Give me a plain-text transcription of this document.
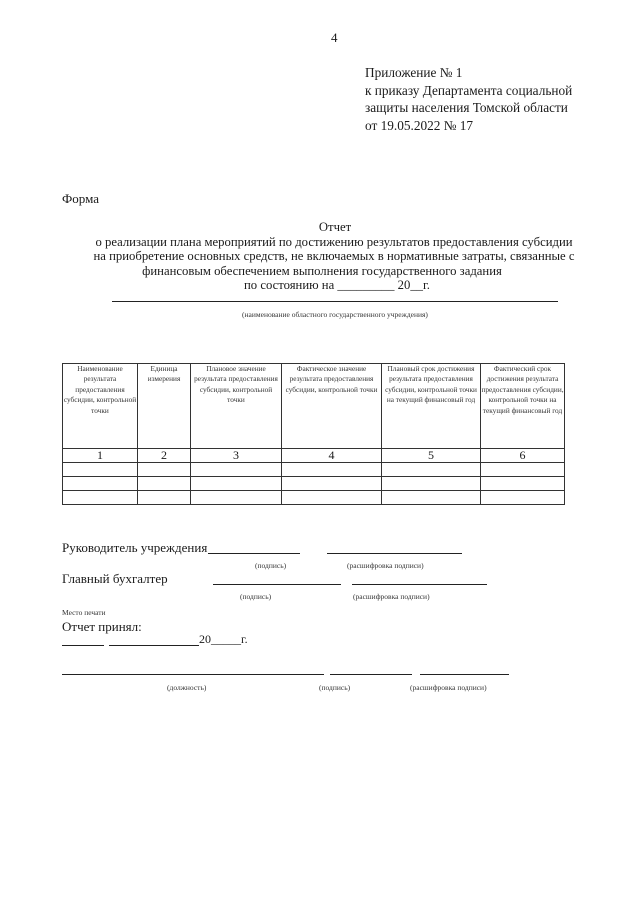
4
Приложение № 1
к приказу Департамента социальной
защиты населения Томской области
от 19.05.2022 № 17
Форма
Отчет
о реализации плана мероприятий по достижению результатов предоставления субсидии
на приобретение основных средств, не включаемых в нормативные затраты, связанные с
финансовым обеспечением выполнения государственного задания
по состоянию на _________ 20__г.
(наименование областного государственного учреждения)
Наименование результата предоставления субсидии, контрольной точки	Единица измерения	Плановое значение результата предоставления субсидии, контрольной точки	Фактическое значение результата предоставления субсидии, контрольной точки	Плановый срок достижения результата предоставления субсидии, контрольной точки на текущий финансовый год	Фактический срок достижения результата предоставления субсидии, контрольной точки на текущий финансовый год
1	2	3	4	5	6

Руководитель учреждения
(подпись)	(расшифровка подписи)
Главный бухгалтер
(подпись)	(расшифровка подписи)
Место печати
Отчет принял:
20_____г.
(должность)	(подпись)	(расшифровка подписи)
